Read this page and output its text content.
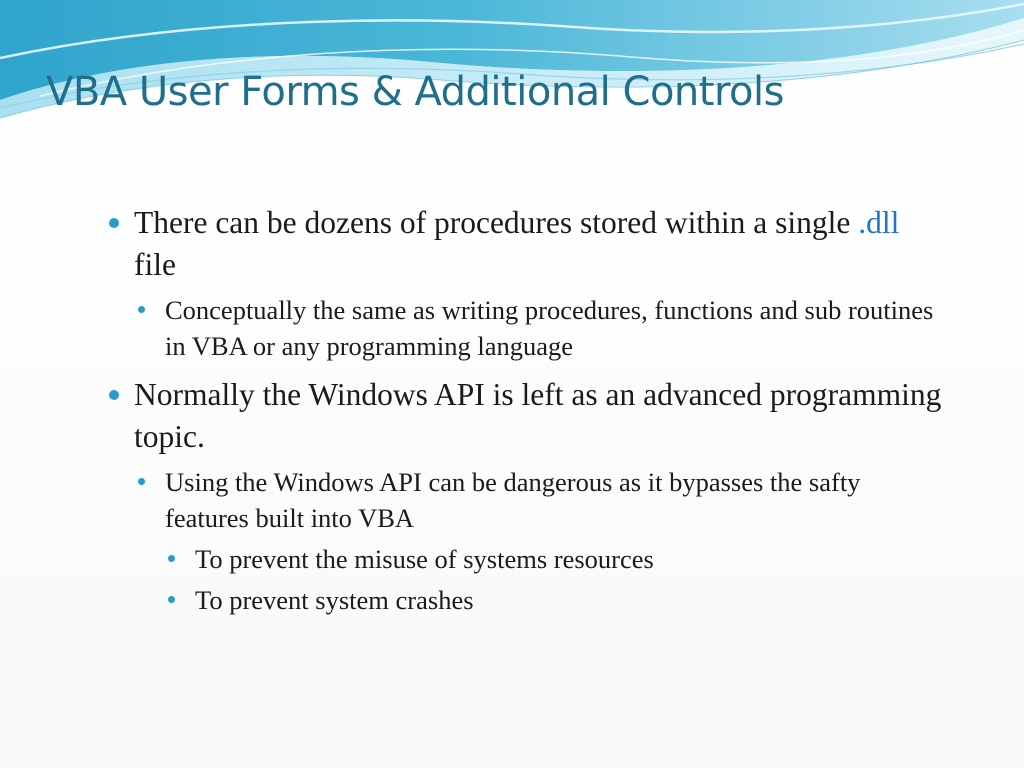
VBA User Forms & Additional Controls
There can be dozens of procedures stored within a single .dll file
Conceptually the same as writing procedures, functions and sub routines in VBA or any programming language
Normally the Windows API is left as an advanced programming topic.
Using the Windows API can be dangerous as it bypasses the safty features built into VBA
To prevent the misuse of systems resources
To prevent system crashes
